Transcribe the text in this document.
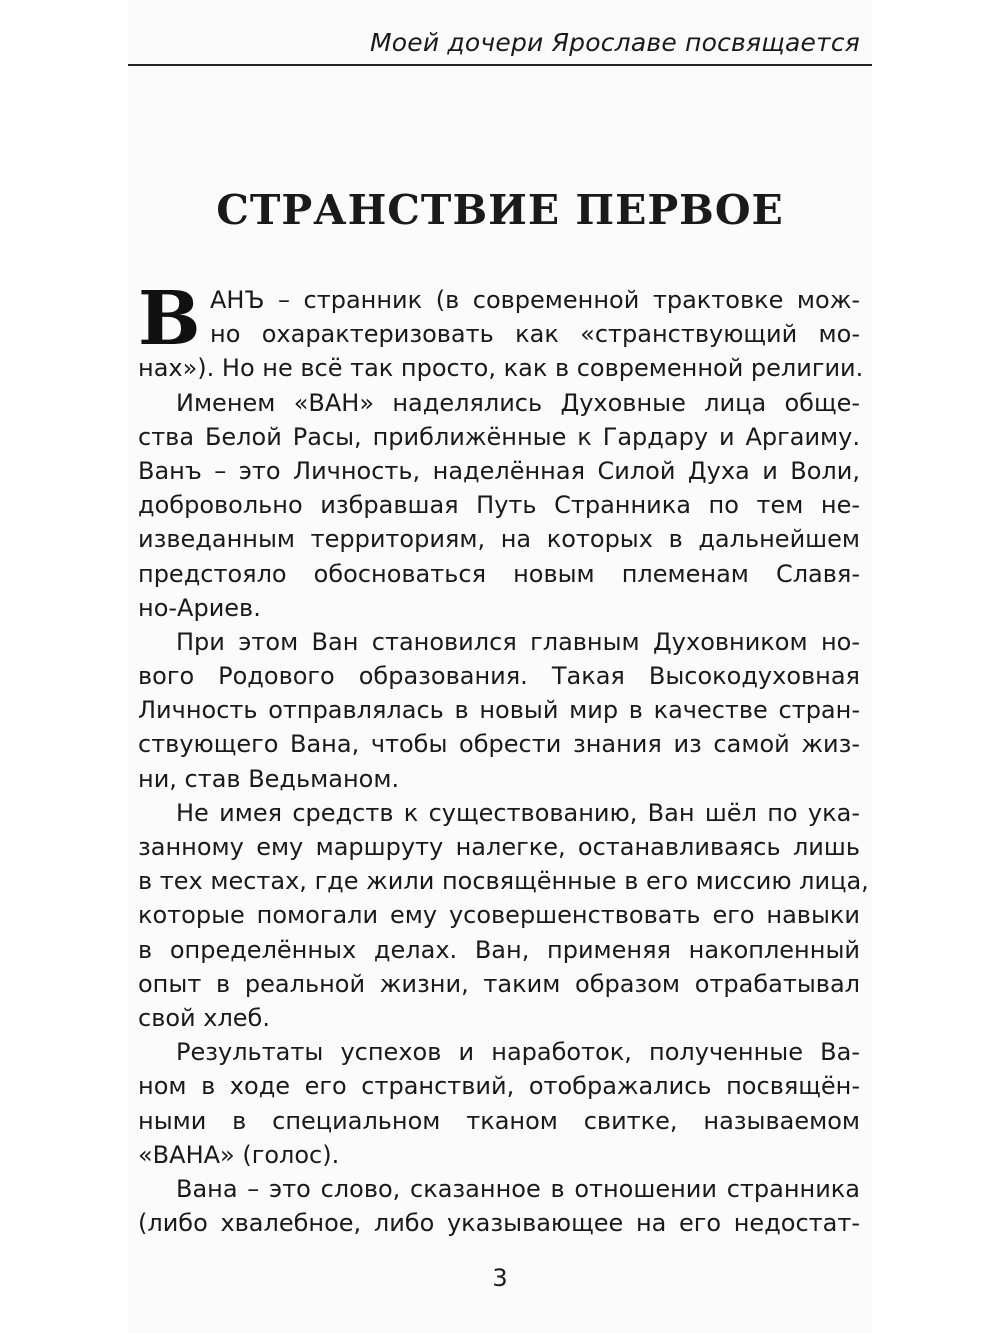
Моей дочери Ярославе посвящается
СТРАНСТВИЕ ПЕРВОЕ
В АНЪ – странник (в современной трактовке мож-
но охарактеризовать как «странствующий мо-
нах»). Но не всё так просто, как в современной религии.
Именем «ВАН» наделялись Духовные лица обще-
ства Белой Расы, приближённые к Гардару и Аргаиму.
Ванъ – это Личность, наделённая Силой Духа и Воли,
добровольно избравшая Путь Странника по тем не-
изведанным территориям, на которых в дальнейшем
предстояло обосноваться новым племенам Славя-
но-Ариев.
При этом Ван становился главным Духовником но-
вого Родового образования. Такая Высокодуховная
Личность отправлялась в новый мир в качестве стран-
ствующего Вана, чтобы обрести знания из самой жиз-
ни, став Ведьманом.
Не имея средств к существованию, Ван шёл по ука-
занному ему маршруту налегке, останавливаясь лишь
в тех местах, где жили посвящённые в его миссию лица,
которые помогали ему усовершенствовать его навыки
в определённых делах. Ван, применяя накопленный
опыт в реальной жизни, таким образом отрабатывал
свой хлеб.
Результаты успехов и наработок, полученные Ва-
ном в ходе его странствий, отображались посвящён-
ными в специальном тканом свитке, называемом
«ВАНА» (голос).
Вана – это слово, сказанное в отношении странника
(либо хвалебное, либо указывающее на его недостат-
3
